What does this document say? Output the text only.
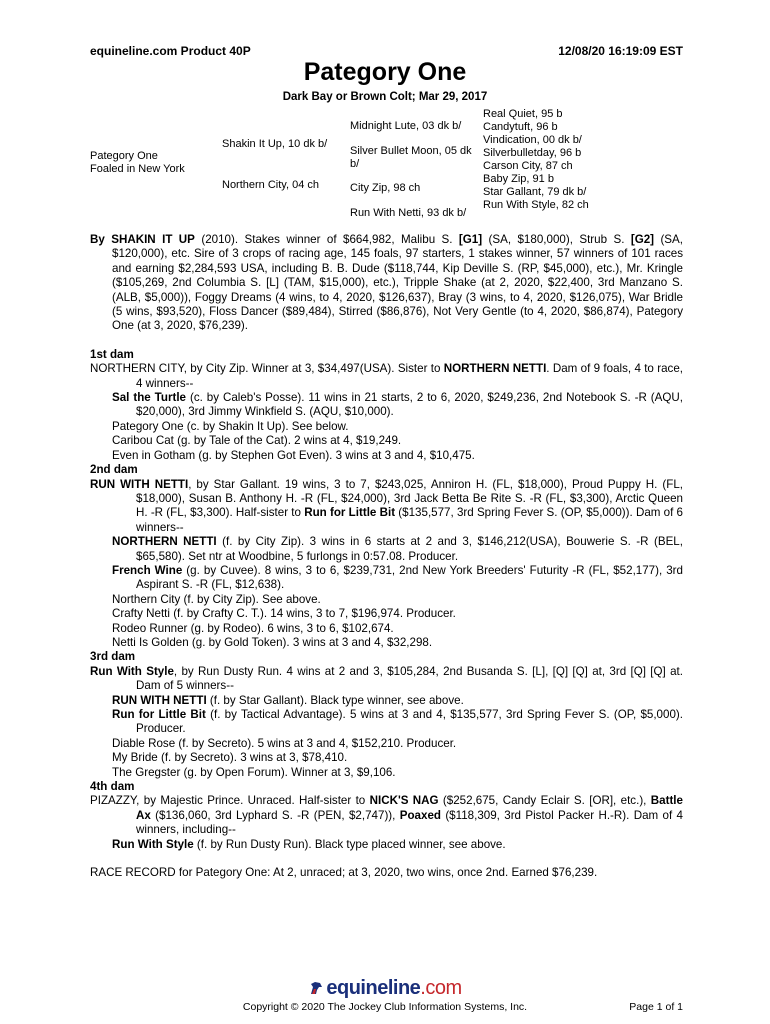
equineline.com Product 40P	12/08/20 16:19:09 EST
Pategory One
Dark Bay or Brown Colt; Mar 29, 2017
Pategory One
Foaled in New York
Shakin It Up, 10 dk b/
Northern City, 04 ch
Midnight Lute, 03 dk b/
Silver Bullet Moon, 05 dk
b/
City Zip, 98 ch
Run With Netti, 93 dk b/
Real Quiet, 95 b
Candytuft, 96 b
Vindication, 00 dk b/
Silverbulletday, 96 b
Carson City, 87 ch
Baby Zip, 91 b
Star Gallant, 79 dk b/
Run With Style, 82 ch

By SHAKIN IT UP (2010). Stakes winner of $664,982, Malibu S. [G1] (SA, $180,000), Strub S. [G2] (SA, $120,000), etc. Sire of 3 crops of racing age, 145 foals, 97 starters, 1 stakes winner, 57 winners of 101 races and earning $2,284,593 USA, including B. B. Dude ($118,744, Kip Deville S. (RP, $45,000), etc.), Mr. Kringle ($105,269, 2nd Columbia S. [L] (TAM, $15,000), etc.), Tripple Shake (at 2, 2020, $22,400, 3rd Manzano S. (ALB, $5,000)), Foggy Dreams (4 wins, to 4, 2020, $126,637), Bray (3 wins, to 4, 2020, $126,075), War Bridle (5 wins, $93,520), Floss Dancer ($89,484), Stirred ($86,876), Not Very Gentle (to 4, 2020, $86,874), Pategory One (at 3, 2020, $76,239).

1st dam

NORTHERN CITY, by City Zip. Winner at 3, $34,497(USA). Sister to NORTHERN NETTI. Dam of 9 foals, 4 to race, 4 winners--

Sal the Turtle (c. by Caleb's Posse). 11 wins in 21 starts, 2 to 6, 2020, $249,236, 2nd Notebook S. -R (AQU, $20,000), 3rd Jimmy Winkfield S. (AQU, $10,000).

Pategory One (c. by Shakin It Up). See below.

Caribou Cat (g. by Tale of the Cat). 2 wins at 4, $19,249.

Even in Gotham (g. by Stephen Got Even). 3 wins at 3 and 4, $10,475.

2nd dam

RUN WITH NETTI, by Star Gallant. 19 wins, 3 to 7, $243,025, Anniron H. (FL, $18,000), Proud Puppy H. (FL, $18,000), Susan B. Anthony H. -R (FL, $24,000), 3rd Jack Betta Be Rite S. -R (FL, $3,300), Arctic Queen H. -R (FL, $3,300). Half-sister to Run for Little Bit ($135,577, 3rd Spring Fever S. (OP, $5,000)). Dam of 6 winners--

NORTHERN NETTI (f. by City Zip). 3 wins in 6 starts at 2 and 3, $146,212(USA), Bouwerie S. -R (BEL, $65,580). Set ntr at Woodbine, 5 furlongs in 0:57.08. Producer.

French Wine (g. by Cuvee). 8 wins, 3 to 6, $239,731, 2nd New York Breeders' Futurity -R (FL, $52,177), 3rd Aspirant S. -R (FL, $12,638).

Northern City (f. by City Zip). See above.

Crafty Netti (f. by Crafty C. T.). 14 wins, 3 to 7, $196,974. Producer.

Rodeo Runner (g. by Rodeo). 6 wins, 3 to 6, $102,674.

Netti Is Golden (g. by Gold Token). 3 wins at 3 and 4, $32,298.

3rd dam

Run With Style, by Run Dusty Run. 4 wins at 2 and 3, $105,284, 2nd Busanda S. [L], [Q] [Q] at, 3rd [Q] [Q] at. Dam of 5 winners--

RUN WITH NETTI (f. by Star Gallant). Black type winner, see above.

Run for Little Bit (f. by Tactical Advantage). 5 wins at 3 and 4, $135,577, 3rd Spring Fever S. (OP, $5,000). Producer.

Diable Rose (f. by Secreto). 5 wins at 3 and 4, $152,210. Producer.

My Bride (f. by Secreto). 3 wins at 3, $78,410.

The Gregster (g. by Open Forum). Winner at 3, $9,106.

4th dam

PIZAZZY, by Majestic Prince. Unraced. Half-sister to NICK'S NAG ($252,675, Candy Eclair S. [OR], etc.), Battle Ax ($136,060, 3rd Lyphard S. -R (PEN, $2,747)), Poaxed ($118,309, 3rd Pistol Packer H.-R). Dam of 4 winners, including--

Run With Style (f. by Run Dusty Run). Black type placed winner, see above.

RACE RECORD for Pategory One: At 2, unraced; at 3, 2020, two wins, once 2nd. Earned $76,239.

equineline.com
Copyright © 2020 The Jockey Club Information Systems, Inc.	Page 1 of 1
